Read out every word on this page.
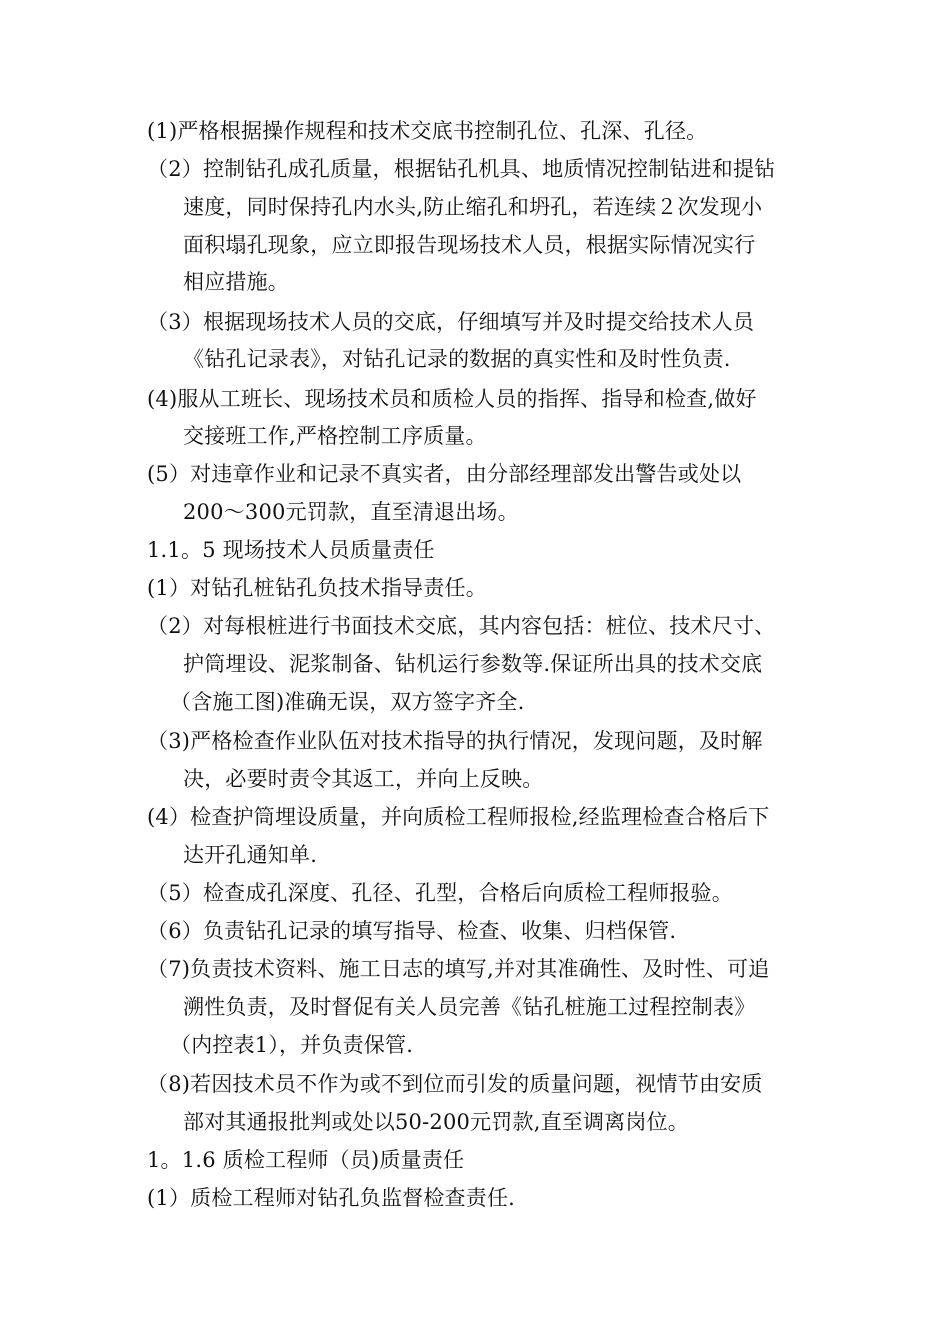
(1)严格根据操作规程和技术交底书控制孔位、孔深、孔径。
（2）控制钻孔成孔质量，根据钻孔机具、地质情况控制钻进和提钻
速度，同时保持孔内水头,防止缩孔和坍孔，若连续２次发现小
面积塌孔现象，应立即报告现场技术人员，根据实际情况实行
相应措施。
（3）根据现场技术人员的交底，仔细填写并及时提交给技术人员
《钻孔记录表》，对钻孔记录的数据的真实性和及时性负责.
(4)服从工班长、现场技术员和质检人员的指挥、指导和检查,做好
交接班工作,严格控制工序质量。
(5）对违章作业和记录不真实者，由分部经理部发出警告或处以
200～300元罚款，直至清退出场。
1.1。5 现场技术人员质量责任
(1）对钻孔桩钻孔负技术指导责任。
（2）对每根桩进行书面技术交底，其内容包括：桩位、技术尺寸、
护筒埋设、泥浆制备、钻机运行参数等.保证所出具的技术交底
（含施工图)准确无误，双方签字齐全.
（3)严格检查作业队伍对技术指导的执行情况，发现问题，及时解
决，必要时责令其返工，并向上反映。
(4）检查护筒埋设质量，并向质检工程师报检,经监理检查合格后下
达开孔通知单.
（5）检查成孔深度、孔径、孔型，合格后向质检工程师报验。
（6）负责钻孔记录的填写指导、检查、收集、归档保管.
（7)负责技术资料、施工日志的填写,并对其准确性、及时性、可追
溯性负责，及时督促有关人员完善《钻孔桩施工过程控制表》
（内控表1），并负责保管.
（8)若因技术员不作为或不到位而引发的质量问题，视情节由安质
部对其通报批判或处以50-200元罚款,直至调离岗位。
1。1.6 质检工程师（员)质量责任
(1）质检工程师对钻孔负监督检查责任.
